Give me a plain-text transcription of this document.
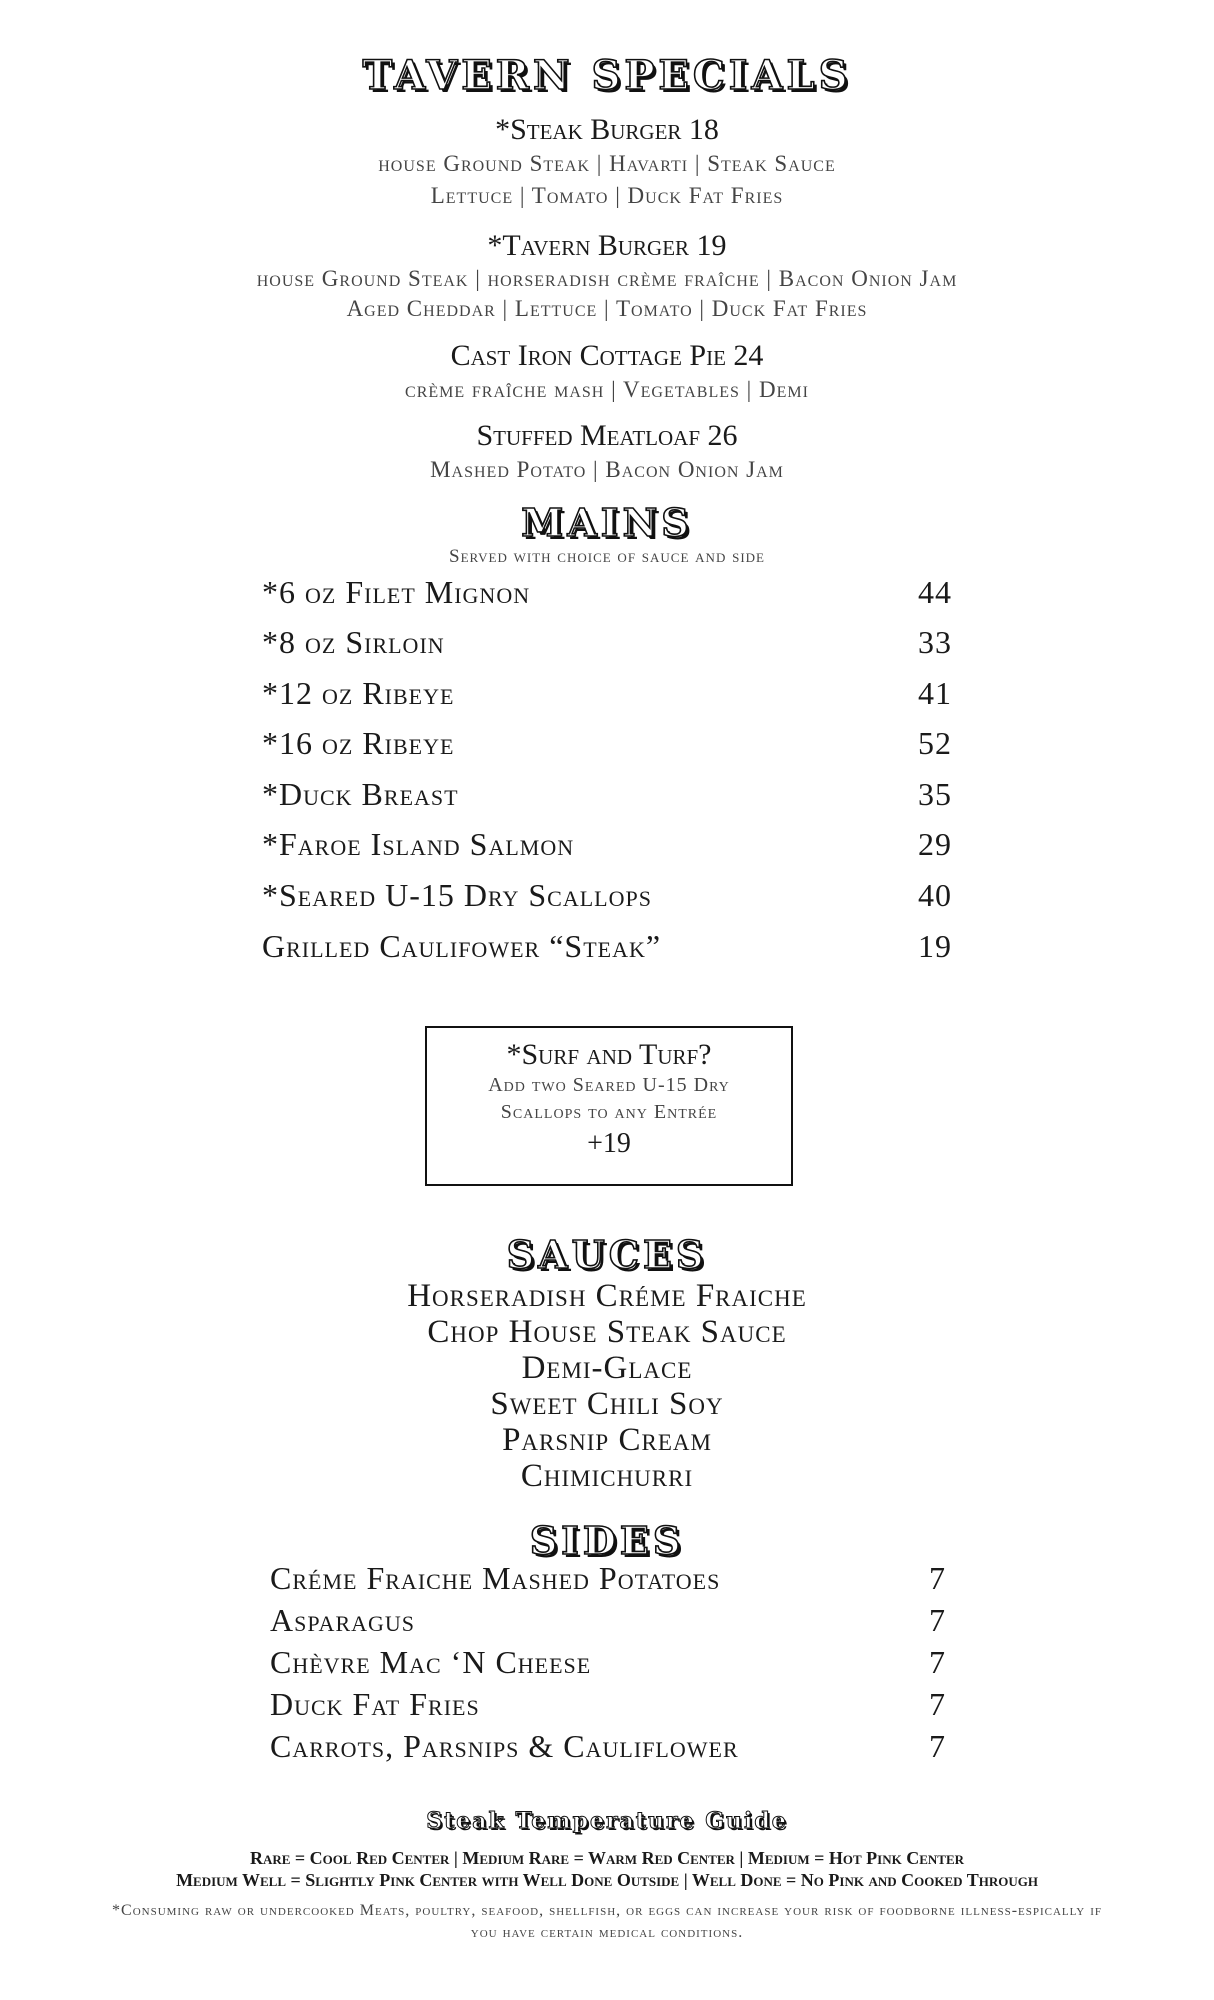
TAVERN SPECIALS
*Steak Burger 18
house Ground Steak | Havarti | Steak Sauce
Lettuce | Tomato | Duck Fat Fries
*Tavern Burger 19
house Ground Steak | horseradish crème fraîche | Bacon Onion Jam
Aged Cheddar | Lettuce | Tomato | Duck Fat Fries
Cast Iron Cottage Pie 24
crème fraîche mash | Vegetables | Demi
Stuffed Meatloaf 26
Mashed Potato | Bacon Onion Jam
MAINS
Served with choice of sauce and side
*6 oz Filet Mignon	44
*8 oz Sirloin	33
*12 oz Ribeye	41
*16 oz Ribeye	52
*Duck Breast	35
*Faroe Island Salmon	29
*Seared U-15 Dry Scallops	40
Grilled Caulifower “Steak”	19
*Surf and Turf?
Add two Seared U-15 Dry
Scallops to any Entrée
+19
SAUCES
Horseradish Créme Fraiche
Chop House Steak Sauce
Demi-Glace
Sweet Chili Soy
Parsnip Cream
Chimichurri
SIDES
Créme Fraiche Mashed Potatoes	7
Asparagus	7
Chèvre Mac ‘N Cheese	7
Duck Fat Fries	7
Carrots, Parsnips & Cauliflower	7
Steak Temperature Guide
Rare = Cool Red Center | Medium Rare = Warm Red Center | Medium = Hot Pink Center
Medium Well = Slightly Pink Center with Well Done Outside | Well Done = No Pink and Cooked Through
*Consuming raw or undercooked Meats, poultry, seafood, shellfish, or eggs can increase your risk of foodborne illness-espically if you have certain medical conditions.
